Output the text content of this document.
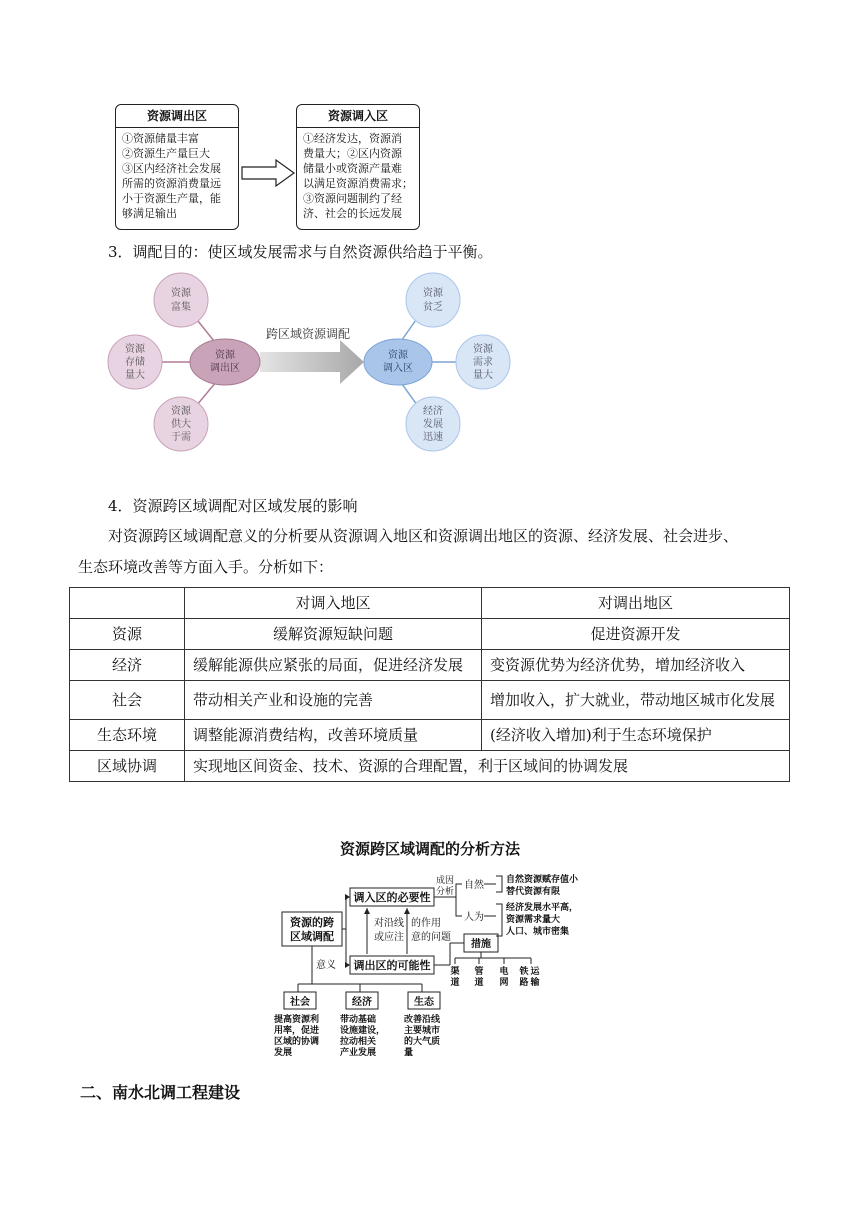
资源调出区
①资源储量丰富
②资源生产量巨大
③区内经济社会发展
所需的资源消费量远
小于资源生产量，能
够满足输出
资源调入区
①经济发达，资源消
费量大；②区内资源
储量小或资源产量难
以满足资源消费需求；
③资源问题制约了经
济、社会的长远发展
3．调配目的：使区域发展需求与自然资源供给趋于平衡。
跨区域资源调配
资源
富集
资源
存储
量大
资源
供大
于需
资源
调出区
资源
贫乏
资源
需求
量大
经济
发展
迅速
资源
调入区
4．资源跨区域调配对区域发展的影响
对资源跨区域调配意义的分析要从资源调入地区和资源调出地区的资源、经济发展、社会进步、
生态环境改善等方面入手。分析如下：
	对调入地区	对调出地区
资源	缓解资源短缺问题	促进资源开发
经济	缓解能源供应紧张的局面，促进经济发展	变资源优势为经济优势，增加经济收入
社会	带动相关产业和设施的完善	增加收入，扩大就业，带动地区城市化发展
生态环境	调整能源消费结构，改善环境质量	(经济收入增加)利于生态环境保护
区域协调	实现地区间资金、技术、资源的合理配置，利于区域间的协调发展	
资源跨区域调配的分析方法
资源的跨
区域调配
调入区的必要性
调出区的可能性
对沿线
或应注
的作用
意的问题
意义
成因
分析
自然
人为
自然资源赋存值小
替代资源有限
经济发展水平高，
资源需求量大
人口、城市密集
措施
社会	经济	生态
渠道
管道
电网
铁路运输
提高资源利
用率，促进
区域的协调
发展
带动基础
设施建设，
拉动相关
产业发展
改善沿线
主要城市
的大气质
量
二、南水北调工程建设
